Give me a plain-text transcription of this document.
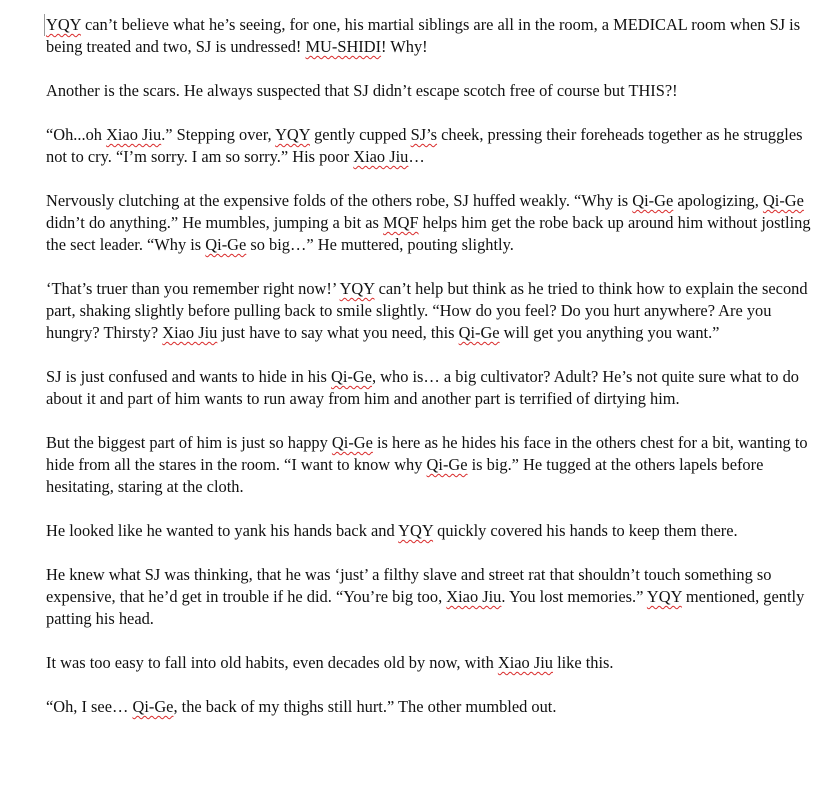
YQY can’t believe what he’s seeing, for one, his martial siblings are all in the room, a MEDICAL room when SJ is being treated and two, SJ is undressed! MU-SHIDI! Why!

Another is the scars. He always suspected that SJ didn’t escape scotch free of course but THIS?!

“Oh...oh Xiao Jiu.” Stepping over, YQY gently cupped SJ’s cheek, pressing their foreheads together as he struggles not to cry. “I’m sorry. I am so sorry.” His poor Xiao Jiu…

Nervously clutching at the expensive folds of the others robe, SJ huffed weakly. “Why is Qi-Ge apologizing, Qi-Ge didn’t do anything.” He mumbles, jumping a bit as MQF helps him get the robe back up around him without jostling the sect leader. “Why is Qi-Ge so big…” He muttered, pouting slightly.

‘That’s truer than you remember right now!’ YQY can’t help but think as he tried to think how to explain the second part, shaking slightly before pulling back to smile slightly. “How do you feel? Do you hurt anywhere? Are you hungry? Thirsty? Xiao Jiu just have to say what you need, this Qi-Ge will get you anything you want.”

SJ is just confused and wants to hide in his Qi-Ge, who is… a big cultivator? Adult? He’s not quite sure what to do about it and part of him wants to run away from him and another part is terrified of dirtying him.

But the biggest part of him is just so happy Qi-Ge is here as he hides his face in the others chest for a bit, wanting to hide from all the stares in the room. “I want to know why Qi-Ge is big.” He tugged at the others lapels before hesitating, staring at the cloth.

He looked like he wanted to yank his hands back and YQY quickly covered his hands to keep them there.

He knew what SJ was thinking, that he was ‘just’ a filthy slave and street rat that shouldn’t touch something so expensive, that he’d get in trouble if he did. “You’re big too, Xiao Jiu. You lost memories.” YQY mentioned, gently patting his head.

It was too easy to fall into old habits, even decades old by now, with Xiao Jiu like this.

“Oh, I see… Qi-Ge, the back of my thighs still hurt.” The other mumbled out.
